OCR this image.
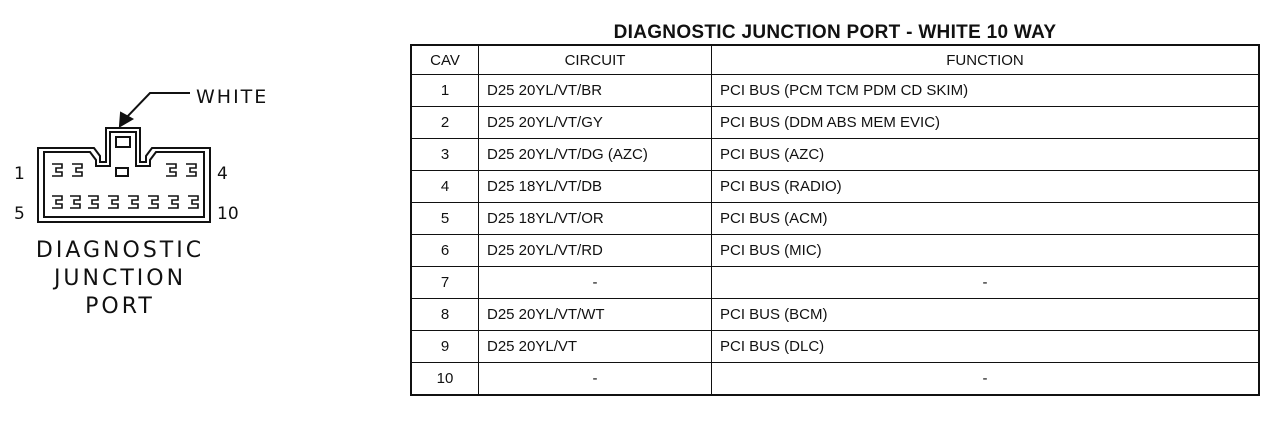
WHITE
1	4
5	10
DIAGNOSTIC
JUNCTION
PORT
DIAGNOSTIC JUNCTION PORT - WHITE 10 WAY
CAV	CIRCUIT	FUNCTION
1	D25 20YL/VT/BR	PCI BUS (PCM TCM PDM CD SKIM)
2	D25 20YL/VT/GY	PCI BUS (DDM ABS MEM EVIC)
3	D25 20YL/VT/DG (AZC)	PCI BUS (AZC)
4	D25 18YL/VT/DB	PCI BUS (RADIO)
5	D25 18YL/VT/OR	PCI BUS (ACM)
6	D25 20YL/VT/RD	PCI BUS (MIC)
7	-	-
8	D25 20YL/VT/WT	PCI BUS (BCM)
9	D25 20YL/VT	PCI BUS (DLC)
10	-	-
